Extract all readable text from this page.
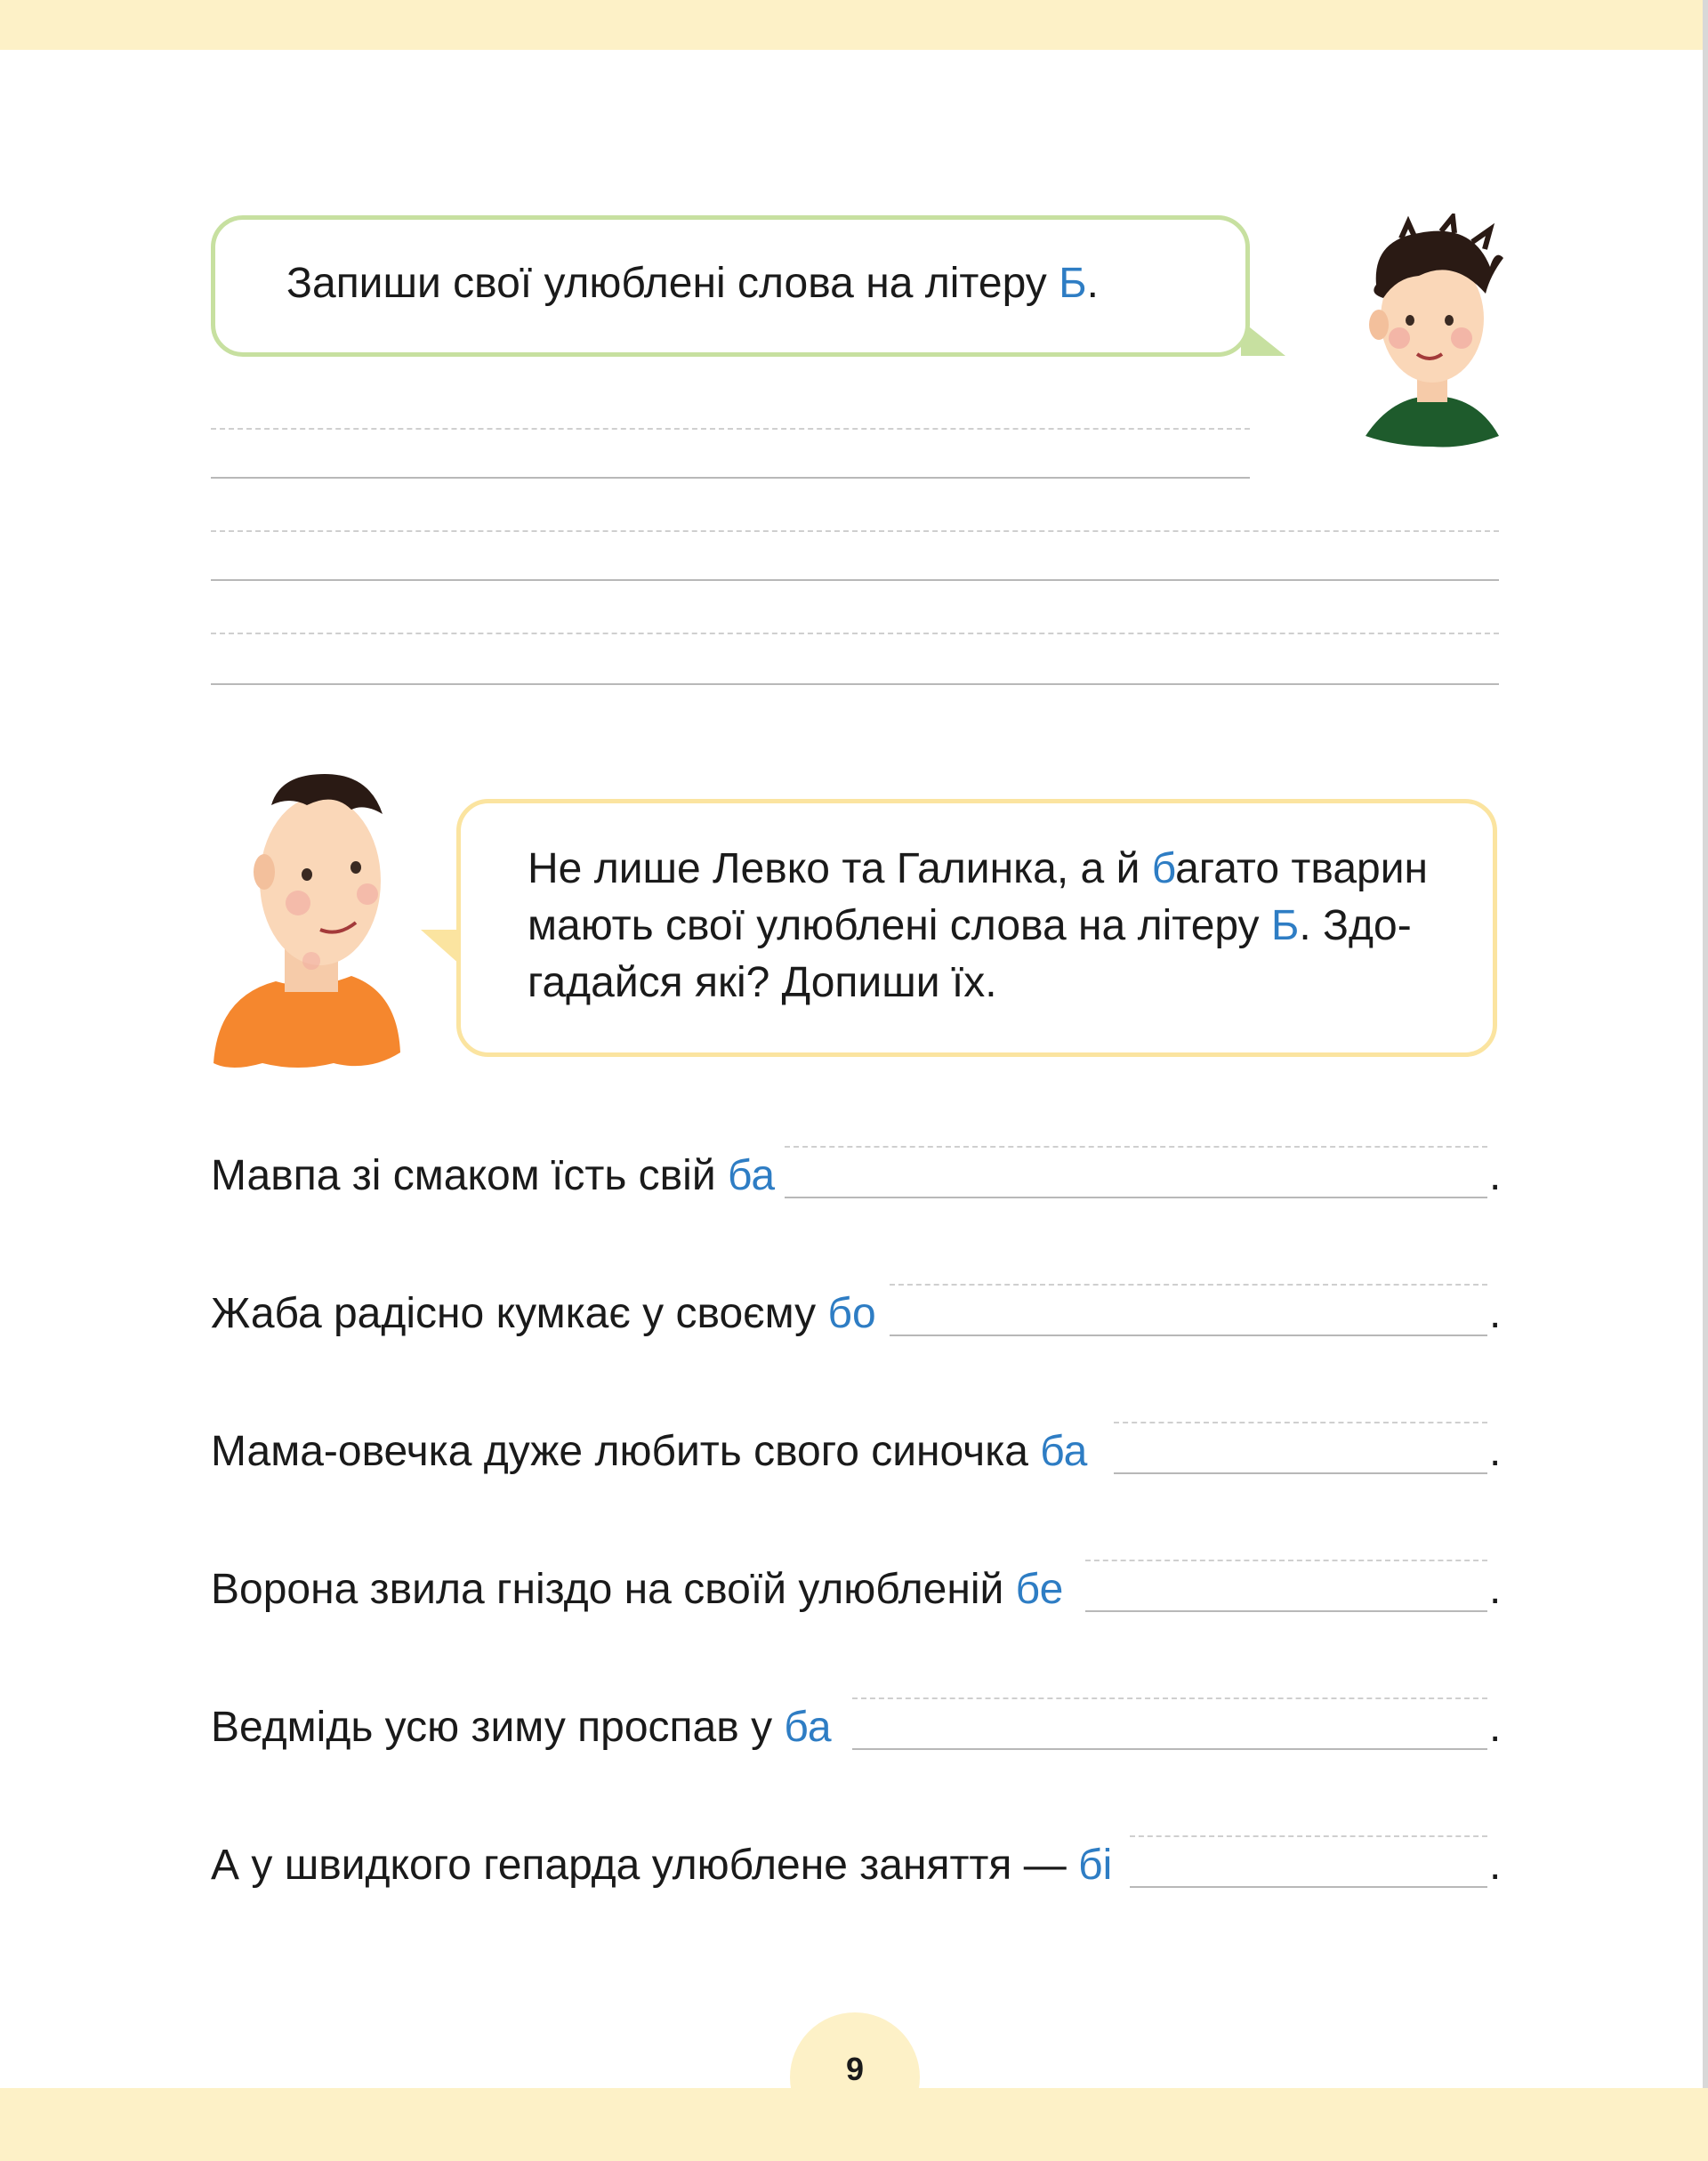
Запиши свої улюблені слова на літеру Б.
Не лише Левко та Галинка, а й багато тварин
мають свої улюблені слова на літеру Б. Здо-
гадайся які? Допиши їх.
Мавпа зі смаком їсть свій ба	.
Жаба радісно кумкає у своєму бо	.
Мама-овечка дуже любить свого синочка ба	.
Ворона звила гніздо на своїй улюбленій бе	.
Ведмідь усю зиму проспав у ба	.
А у швидкого гепарда улюблене заняття — бі	.
9
